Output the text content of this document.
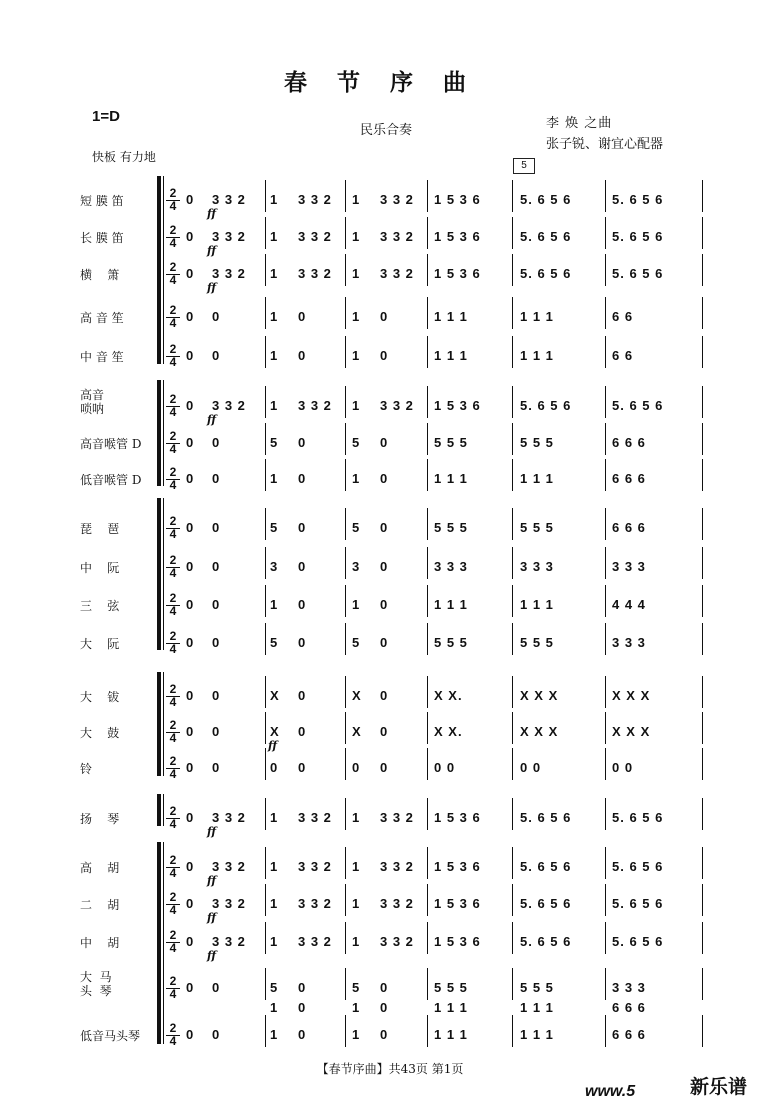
春节序曲
1=D
民乐合奏	李 焕 之曲
张子锐、谢宜心配器
快板 有力地
5
短 膜 笛
2
4 0 3 3 2 1 3 3 2 1 3 3 2 1 5 3 6	5. 6 5 6	5. 6 5 6
ff
长 膜 笛
2
4 0 3 3 2 1 3 3 2 1 3 3 2 1 5 3 6	5. 6 5 6	5. 6 5 6
ff
横    箫
2
4 0 3 3 2 1 3 3 2 1 3 3 2 1 5 3 6	5. 6 5 6	5. 6 5 6
ff
高 音 笙
2
4 0 0	1 0	1 0	1 1 1	1 1 1	6 6
中 音 笙
2
4 0 0	1 0	1 0	1 1 1	1 1 1	6 6
高音
唢呐
2
4 0 3 3 2 1 3 3 2 1 3 3 2 1 5 3 6	5. 6 5 6	5. 6 5 6
ff
高音喉管 D
2
4 0 0	5 0	5 0	5 5 5	5 5 5	6 6 6
低音喉管 D
2
4 0 0	1 0	1 0	1 1 1	1 1 1	6 6 6
琵    琶
2
4 0 0	5 0	5 0	5 5 5	5 5 5	6 6 6
中    阮
2
4 0 0	3 0	3 0	3 3 3	3 3 3	3 3 3
三    弦
2
4 0 0	1 0	1 0	1 1 1	1 1 1	4 4 4
大    阮
2
4 0 0	5 0	5 0	5 5 5	5 5 5	3 3 3
大    钹
2
4 0 0	X 0	X 0	X X.	X X X	X X X
大    鼓
2
4 0 0	X 0	X 0	X X.	X X X	X X X
ff
铃
2
4 0 0	0 0	0 0	0 0	0 0	0 0
扬    琴
2
4 0 3 3 2 1 3 3 2 1 3 3 2 1 5 3 6	5. 6 5 6	5. 6 5 6
ff
高    胡
2
4 0 3 3 2 1 3 3 2 1 3 3 2 1 5 3 6	5. 6 5 6	5. 6 5 6
ff
二    胡
2
4 0 3 3 2 1 3 3 2 1 3 3 2 1 5 3 6	5. 6 5 6	5. 6 5 6
ff
中    胡
2
4 0 3 3 2 1 3 3 2 1 3 3 2 1 5 3 6	5. 6 5 6	5. 6 5 6
ff
大  马
头  琴
2
4 0 0	5 0	5 0	5 5 5	5 5 5	3 3 3
1 0	1 0	1 1 1	1 1 1	6 6 6
低音马头琴
2
4 0 0	1 0	1 0	1 1 1	1 1 1	6 6 6
【春节序曲】共43页 第1页
www.5	新乐谱
